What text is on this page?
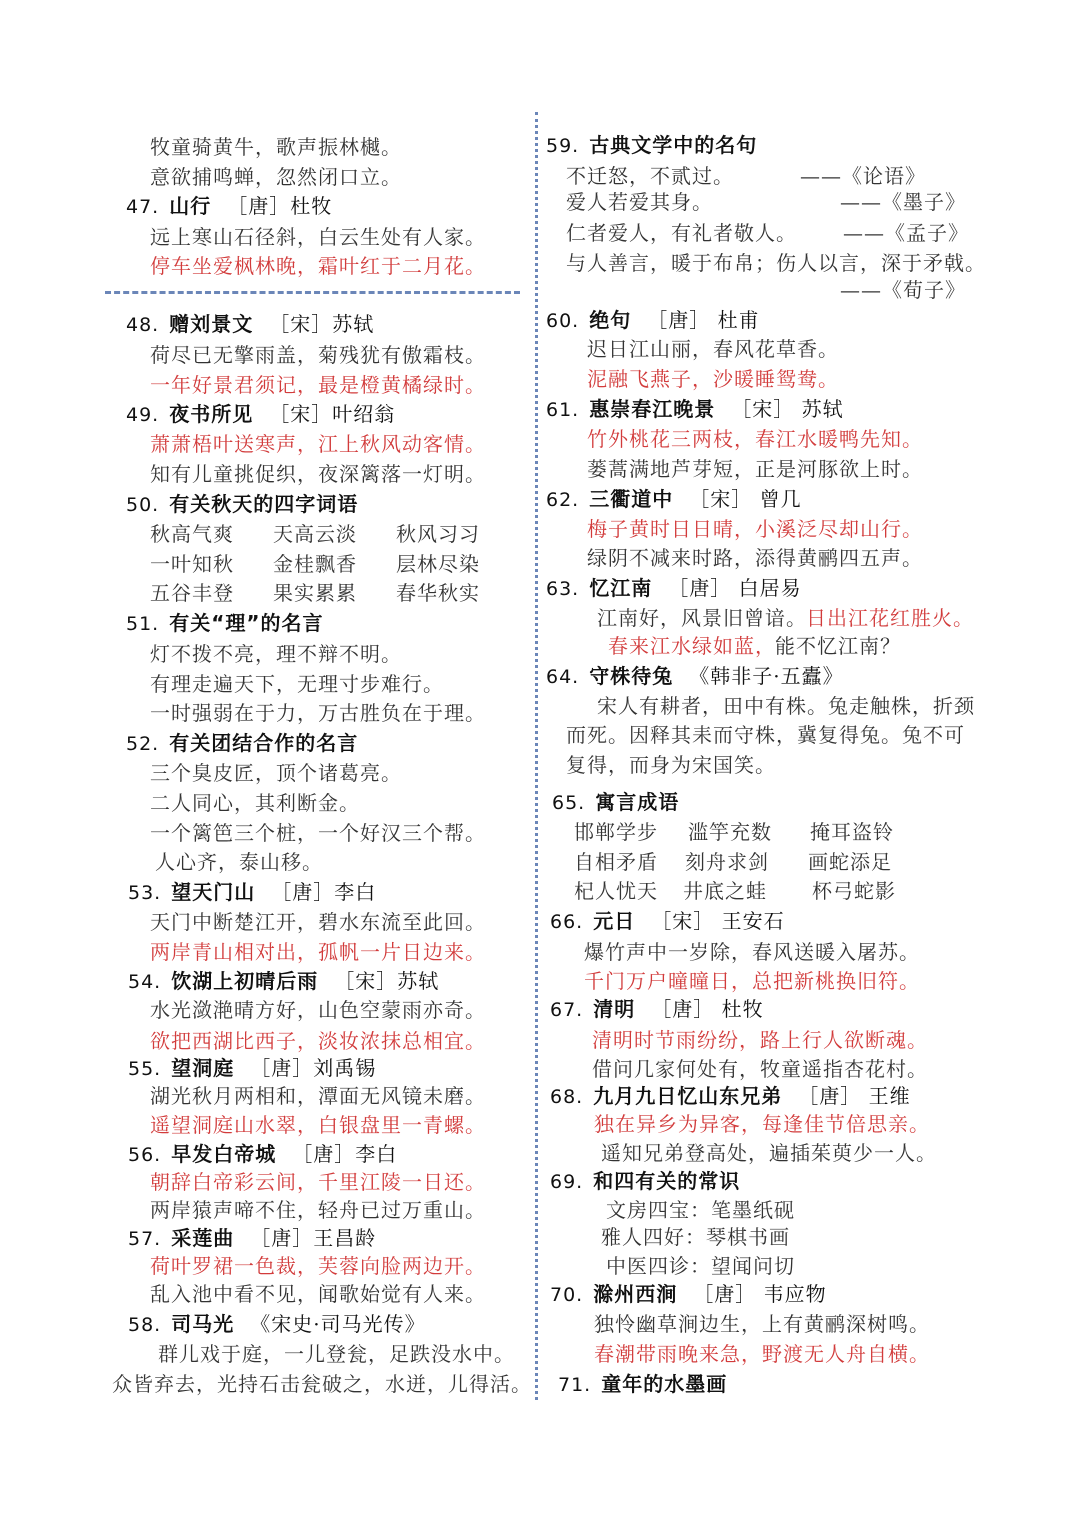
牧童骑黄牛，歌声振林樾。
意欲捕鸣蝉，忽然闭口立。
47. 山行 ［唐］杜牧
远上寒山石径斜，白云生处有人家。
停车坐爱枫林晚，霜叶红于二月花。
48. 赠刘景文 ［宋］苏轼
荷尽已无擎雨盖，菊残犹有傲霜枝。
一年好景君须记，最是橙黄橘绿时。
49. 夜书所见 ［宋］叶绍翁
萧萧梧叶送寒声，江上秋风动客情。
知有儿童挑促织，夜深篱落一灯明。
50. 有关秋天的四字词语
秋高气爽 天高云淡 秋风习习
一叶知秋 金桂飘香 层林尽染
五谷丰登 果实累累 春华秋实
51. 有关“理”的名言
灯不拨不亮，理不辩不明。
有理走遍天下，无理寸步难行。
一时强弱在于力，万古胜负在于理。
52. 有关团结合作的名言
三个臭皮匠，顶个诸葛亮。
二人同心，其利断金。
一个篱笆三个桩，一个好汉三个帮。
人心齐，泰山移。
53. 望天门山 ［唐］李白
天门中断楚江开，碧水东流至此回。
两岸青山相对出，孤帆一片日边来。
54. 饮湖上初晴后雨 ［宋］苏轼
水光潋滟晴方好，山色空蒙雨亦奇。
欲把西湖比西子，淡妆浓抹总相宜。
55. 望洞庭 ［唐］刘禹锡
湖光秋月两相和，潭面无风镜未磨。
遥望洞庭山水翠，白银盘里一青螺。
56. 早发白帝城 ［唐］李白
朝辞白帝彩云间，千里江陵一日还。
两岸猿声啼不住，轻舟已过万重山。
57. 采莲曲 ［唐］王昌龄
荷叶罗裙一色裁，芙蓉向脸两边开。
乱入池中看不见，闻歌始觉有人来。
58. 司马光 《宋史·司马光传》
群儿戏于庭，一儿登瓮，足跌没水中。
众皆弃去，光持石击瓮破之，水迸，儿得活。
59. 古典文学中的名句
不迁怒，不贰过。	——《论语》
爱人若爱其身。	——《墨子》
仁者爱人，有礼者敬人。 ——《孟子》
与人善言，暖于布帛；伤人以言，深于矛戟。
——《荀子》
60. 绝句 ［唐］ 杜甫
迟日江山丽，春风花草香。
泥融飞燕子，沙暖睡鸳鸯。
61. 惠崇春江晚景 ［宋］ 苏轼
竹外桃花三两枝，春江水暖鸭先知。
蒌蒿满地芦芽短，正是河豚欲上时。
62. 三衢道中 ［宋］ 曾几
梅子黄时日日晴，小溪泛尽却山行。
绿阴不减来时路，添得黄鹂四五声。
63. 忆江南 ［唐］ 白居易
江南好，风景旧曾谙。 日出江花红胜火。
春来江水绿如蓝， 能不忆江南？
64. 守株待兔 《韩非子·五蠹》
宋人有耕者，田中有株。兔走触株，折颈
而死。因释其耒而守株，冀复得兔。兔不可
复得，而身为宋国笑。
65. 寓言成语
邯郸学步 滥竽充数 掩耳盗铃
自相矛盾 刻舟求剑 画蛇添足
杞人忧天 井底之蛙 杯弓蛇影
66. 元日 ［宋］ 王安石
爆竹声中一岁除，春风送暖入屠苏。
千门万户曈曈日，总把新桃换旧符。
67. 清明 ［唐］ 杜牧
清明时节雨纷纷，路上行人欲断魂。
借问几家何处有，牧童遥指杏花村。
68. 九月九日忆山东兄弟 ［唐］ 王维
独在异乡为异客，每逢佳节倍思亲。
遥知兄弟登高处，遍插茱萸少一人。
69. 和四有关的常识
文房四宝：笔墨纸砚
雅人四好：琴棋书画
中医四诊：望闻问切
70. 滁州西涧 ［唐］ 韦应物
独怜幽草涧边生，上有黄鹂深树鸣。
春潮带雨晚来急，野渡无人舟自横。
71. 童年的水墨画
